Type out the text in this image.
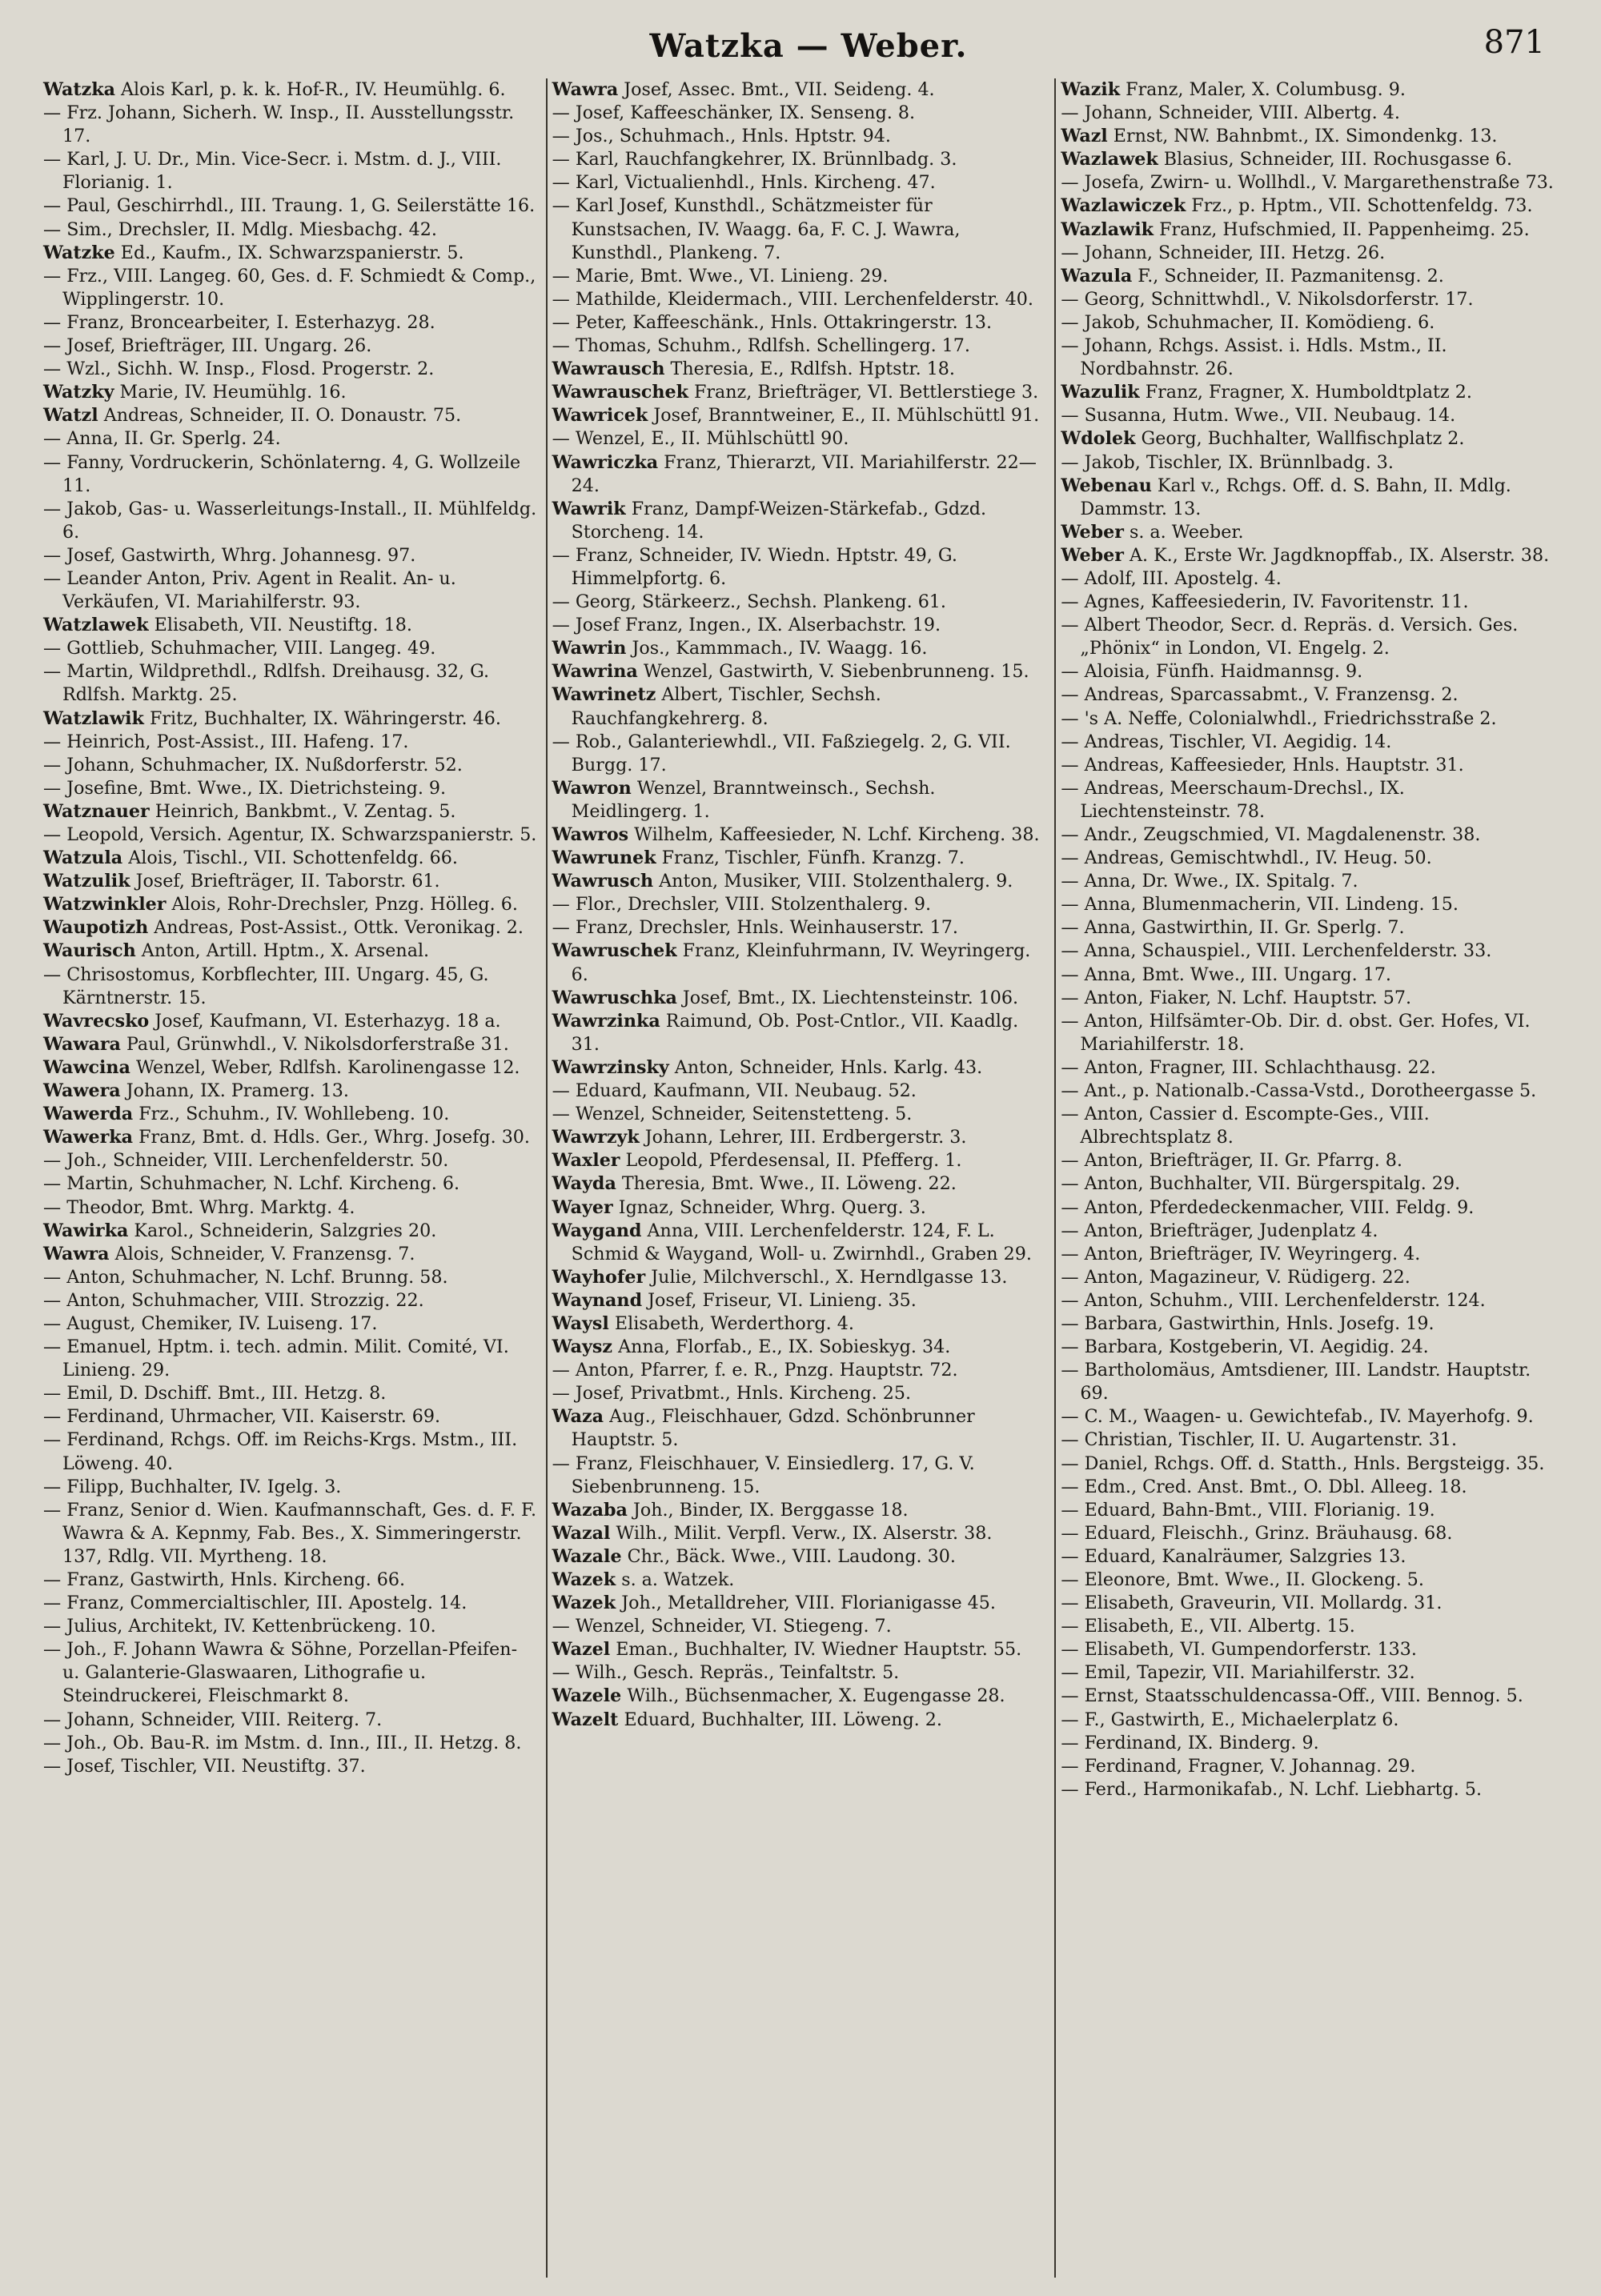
Watzka — Weber.	871

Watzka Alois Karl, p. k. k. Hof-R., IV. Heumühlg. 6.

— Frz. Johann, Sicherh. W. Insp., II. Ausstellungsstr. 17.

— Karl, J. U. Dr., Min. Vice-Secr. i. Mstm. d. J., VIII. Florianig. 1.

— Paul, Geschirrhdl., III. Traung. 1, G. Seilerstätte 16.

— Sim., Drechsler, II. Mdlg. Miesbachg. 42.

Watzke Ed., Kaufm., IX. Schwarzspanierstr. 5.

— Frz., VIII. Langeg. 60, Ges. d. F. Schmiedt & Comp., Wipplingerstr. 10.

— Franz, Broncearbeiter, I. Esterhazyg. 28.

— Josef, Briefträger, III. Ungarg. 26.

— Wzl., Sichh. W. Insp., Flosd. Progerstr. 2.

Watzky Marie, IV. Heumühlg. 16.

Watzl Andreas, Schneider, II. O. Donaustr. 75.

— Anna, II. Gr. Sperlg. 24.

— Fanny, Vordruckerin, Schönlaterng. 4, G. Wollzeile 11.

— Jakob, Gas- u. Wasserleitungs-Install., II. Mühlfeldg. 6.

— Josef, Gastwirth, Whrg. Johannesg. 97.

— Leander Anton, Priv. Agent in Realit. An- u. Verkäufen, VI. Mariahilferstr. 93.

Watzlawek Elisabeth, VII. Neustiftg. 18.

— Gottlieb, Schuhmacher, VIII. Langeg. 49.

— Martin, Wildprethdl., Rdlfsh. Dreihausg. 32, G. Rdlfsh. Marktg. 25.

Watzlawik Fritz, Buchhalter, IX. Währingerstr. 46.

— Heinrich, Post-Assist., III. Hafeng. 17.

— Johann, Schuhmacher, IX. Nußdorferstr. 52.

— Josefine, Bmt. Wwe., IX. Dietrichsteing. 9.

Watznauer Heinrich, Bankbmt., V. Zentag. 5.

— Leopold, Versich. Agentur, IX. Schwarzspanierstr. 5.

Watzula Alois, Tischl., VII. Schottenfeldg. 66.

Watzulik Josef, Briefträger, II. Taborstr. 61.

Watzwinkler Alois, Rohr-Drechsler, Pnzg. Hölleg. 6.

Waupotizh Andreas, Post-Assist., Ottk. Veronikag. 2.

Waurisch Anton, Artill. Hptm., X. Arsenal.

— Chrisostomus, Korbflechter, III. Ungarg. 45, G. Kärntnerstr. 15.

Wavrecsko Josef, Kaufmann, VI. Esterhazyg. 18 a.

Wawara Paul, Grünwhdl., V. Nikolsdorferstraße 31.

Wawcina Wenzel, Weber, Rdlfsh. Karolinengasse 12.

Wawera Johann, IX. Pramerg. 13.

Wawerda Frz., Schuhm., IV. Wohllebeng. 10.

Wawerka Franz, Bmt. d. Hdls. Ger., Whrg. Josefg. 30.

— Joh., Schneider, VIII. Lerchenfelderstr. 50.

— Martin, Schuhmacher, N. Lchf. Kircheng. 6.

— Theodor, Bmt. Whrg. Marktg. 4.

Wawirka Karol., Schneiderin, Salzgries 20.

Wawra Alois, Schneider, V. Franzensg. 7.

— Anton, Schuhmacher, N. Lchf. Brunng. 58.

— Anton, Schuhmacher, VIII. Strozzig. 22.

— August, Chemiker, IV. Luiseng. 17.

— Emanuel, Hptm. i. tech. admin. Milit. Comité, VI. Linieng. 29.

— Emil, D. Dschiff. Bmt., III. Hetzg. 8.

— Ferdinand, Uhrmacher, VII. Kaiserstr. 69.

— Ferdinand, Rchgs. Off. im Reichs-Krgs. Mstm., III. Löweng. 40.

— Filipp, Buchhalter, IV. Igelg. 3.

— Franz, Senior d. Wien. Kaufmannschaft, Ges. d. F. F. Wawra & A. Kepnmy, Fab. Bes., X. Simmeringerstr. 137, Rdlg. VII. Myrtheng. 18.

— Franz, Gastwirth, Hnls. Kircheng. 66.

— Franz, Commercialtischler, III. Apostelg. 14.

— Julius, Architekt, IV. Kettenbrückeng. 10.

— Joh., F. Johann Wawra & Söhne, Porzellan-Pfeifen- u. Galanterie-Glaswaaren, Lithografie u. Steindruckerei, Fleischmarkt 8.

— Johann, Schneider, VIII. Reiterg. 7.

— Joh., Ob. Bau-R. im Mstm. d. Inn., III., II. Hetzg. 8.

— Josef, Tischler, VII. Neustiftg. 37.

Wawra Josef, Assec. Bmt., VII. Seideng. 4.

— Josef, Kaffeeschänker, IX. Senseng. 8.

— Jos., Schuhmach., Hnls. Hptstr. 94.

— Karl, Rauchfangkehrer, IX. Brünnlbadg. 3.

— Karl, Victualienhdl., Hnls. Kircheng. 47.

— Karl Josef, Kunsthdl., Schätzmeister für Kunstsachen, IV. Waagg. 6a, F. C. J. Wawra, Kunsthdl., Plankeng. 7.

— Marie, Bmt. Wwe., VI. Linieng. 29.

— Mathilde, Kleidermach., VIII. Lerchenfelderstr. 40.

— Peter, Kaffeeschänk., Hnls. Ottakringerstr. 13.

— Thomas, Schuhm., Rdlfsh. Schellingerg. 17.

Wawrausch Theresia, E., Rdlfsh. Hptstr. 18.

Wawrauschek Franz, Briefträger, VI. Bettlerstiege 3.

Wawricek Josef, Branntweiner, E., II. Mühlschüttl 91.

— Wenzel, E., II. Mühlschüttl 90.

Wawriczka Franz, Thierarzt, VII. Mariahilferstr. 22—24.

Wawrik Franz, Dampf-Weizen-Stärkefab., Gdzd. Storcheng. 14.

— Franz, Schneider, IV. Wiedn. Hptstr. 49, G. Himmelpfortg. 6.

— Georg, Stärkeerz., Sechsh. Plankeng. 61.

— Josef Franz, Ingen., IX. Alserbachstr. 19.

Wawrin Jos., Kammmach., IV. Waagg. 16.

Wawrina Wenzel, Gastwirth, V. Siebenbrunneng. 15.

Wawrinetz Albert, Tischler, Sechsh. Rauchfangkehrerg. 8.

— Rob., Galanteriewhdl., VII. Faßziegelg. 2, G. VII. Burgg. 17.

Wawron Wenzel, Branntweinsch., Sechsh. Meidlingerg. 1.

Wawros Wilhelm, Kaffeesieder, N. Lchf. Kircheng. 38.

Wawrunek Franz, Tischler, Fünfh. Kranzg. 7.

Wawrusch Anton, Musiker, VIII. Stolzenthalerg. 9.

— Flor., Drechsler, VIII. Stolzenthalerg. 9.

— Franz, Drechsler, Hnls. Weinhauserstr. 17.

Wawruschek Franz, Kleinfuhrmann, IV. Weyringerg. 6.

Wawruschka Josef, Bmt., IX. Liechtensteinstr. 106.

Wawrzinka Raimund, Ob. Post-Cntlor., VII. Kaadlg. 31.

Wawrzinsky Anton, Schneider, Hnls. Karlg. 43.

— Eduard, Kaufmann, VII. Neubaug. 52.

— Wenzel, Schneider, Seitenstetteng. 5.

Wawrzyk Johann, Lehrer, III. Erdbergerstr. 3.

Waxler Leopold, Pferdesensal, II. Pfefferg. 1.

Wayda Theresia, Bmt. Wwe., II. Löweng. 22.

Wayer Ignaz, Schneider, Whrg. Querg. 3.

Waygand Anna, VIII. Lerchenfelderstr. 124, F. L. Schmid & Waygand, Woll- u. Zwirnhdl., Graben 29.

Wayhofer Julie, Milchverschl., X. Herndlgasse 13.

Waynand Josef, Friseur, VI. Linieng. 35.

Waysl Elisabeth, Werderthorg. 4.

Waysz Anna, Florfab., E., IX. Sobieskyg. 34.

— Anton, Pfarrer, f. e. R., Pnzg. Hauptstr. 72.

— Josef, Privatbmt., Hnls. Kircheng. 25.

Waza Aug., Fleischhauer, Gdzd. Schönbrunner Hauptstr. 5.

— Franz, Fleischhauer, V. Einsiedlerg. 17, G. V. Siebenbrunneng. 15.

Wazaba Joh., Binder, IX. Berggasse 18.

Wazal Wilh., Milit. Verpfl. Verw., IX. Alserstr. 38.

Wazale Chr., Bäck. Wwe., VIII. Laudong. 30.

Wazek s. a. Watzek.

Wazek Joh., Metalldreher, VIII. Florianigasse 45.

— Wenzel, Schneider, VI. Stiegeng. 7.

Wazel Eman., Buchhalter, IV. Wiedner Hauptstr. 55.

— Wilh., Gesch. Repräs., Teinfaltstr. 5.

Wazele Wilh., Büchsenmacher, X. Eugengasse 28.

Wazelt Eduard, Buchhalter, III. Löweng. 2.

Wazik Franz, Maler, X. Columbusg. 9.

— Johann, Schneider, VIII. Albertg. 4.

Wazl Ernst, NW. Bahnbmt., IX. Simondenkg. 13.

Wazlawek Blasius, Schneider, III. Rochusgasse 6.

— Josefa, Zwirn- u. Wollhdl., V. Margarethenstraße 73.

Wazlawiczek Frz., p. Hptm., VII. Schottenfeldg. 73.

Wazlawik Franz, Hufschmied, II. Pappenheimg. 25.

— Johann, Schneider, III. Hetzg. 26.

Wazula F., Schneider, II. Pazmanitensg. 2.

— Georg, Schnittwhdl., V. Nikolsdorferstr. 17.

— Jakob, Schuhmacher, II. Komödieng. 6.

— Johann, Rchgs. Assist. i. Hdls. Mstm., II. Nordbahnstr. 26.

Wazulik Franz, Fragner, X. Humboldtplatz 2.

— Susanna, Hutm. Wwe., VII. Neubaug. 14.

Wdolek Georg, Buchhalter, Wallfischplatz 2.

— Jakob, Tischler, IX. Brünnlbadg. 3.

Webenau Karl v., Rchgs. Off. d. S. Bahn, II. Mdlg. Dammstr. 13.

Weber s. a. Weeber.

Weber A. K., Erste Wr. Jagdknopffab., IX. Alserstr. 38.

— Adolf, III. Apostelg. 4.

— Agnes, Kaffeesiederin, IV. Favoritenstr. 11.

— Albert Theodor, Secr. d. Repräs. d. Versich. Ges. „Phönix“ in London, VI. Engelg. 2.

— Aloisia, Fünfh. Haidmannsg. 9.

— Andreas, Sparcassabmt., V. Franzensg. 2.

— 's A. Neffe, Colonialwhdl., Friedrichsstraße 2.

— Andreas, Tischler, VI. Aegidig. 14.

— Andreas, Kaffeesieder, Hnls. Hauptstr. 31.

— Andreas, Meerschaum-Drechsl., IX. Liechtensteinstr. 78.

— Andr., Zeugschmied, VI. Magdalenenstr. 38.

— Andreas, Gemischtwhdl., IV. Heug. 50.

— Anna, Dr. Wwe., IX. Spitalg. 7.

— Anna, Blumenmacherin, VII. Lindeng. 15.

— Anna, Gastwirthin, II. Gr. Sperlg. 7.

— Anna, Schauspiel., VIII. Lerchenfelderstr. 33.

— Anna, Bmt. Wwe., III. Ungarg. 17.

— Anton, Fiaker, N. Lchf. Hauptstr. 57.

— Anton, Hilfsämter-Ob. Dir. d. obst. Ger. Hofes, VI. Mariahilferstr. 18.

— Anton, Fragner, III. Schlachthausg. 22.

— Ant., p. Nationalb.-Cassa-Vstd., Dorotheergasse 5.

— Anton, Cassier d. Escompte-Ges., VIII. Albrechtsplatz 8.

— Anton, Briefträger, II. Gr. Pfarrg. 8.

— Anton, Buchhalter, VII. Bürgerspitalg. 29.

— Anton, Pferdedeckenmacher, VIII. Feldg. 9.

— Anton, Briefträger, Judenplatz 4.

— Anton, Briefträger, IV. Weyringerg. 4.

— Anton, Magazineur, V. Rüdigerg. 22.

— Anton, Schuhm., VIII. Lerchenfelderstr. 124.

— Barbara, Gastwirthin, Hnls. Josefg. 19.

— Barbara, Kostgeberin, VI. Aegidig. 24.

— Bartholomäus, Amtsdiener, III. Landstr. Hauptstr. 69.

— C. M., Waagen- u. Gewichtefab., IV. Mayerhofg. 9.

— Christian, Tischler, II. U. Augartenstr. 31.

— Daniel, Rchgs. Off. d. Statth., Hnls. Bergsteigg. 35.

— Edm., Cred. Anst. Bmt., O. Dbl. Alleeg. 18.

— Eduard, Bahn-Bmt., VIII. Florianig. 19.

— Eduard, Fleischh., Grinz. Bräuhausg. 68.

— Eduard, Kanalräumer, Salzgries 13.

— Eleonore, Bmt. Wwe., II. Glockeng. 5.

— Elisabeth, Graveurin, VII. Mollardg. 31.

— Elisabeth, E., VII. Albertg. 15.

— Elisabeth, VI. Gumpendorferstr. 133.

— Emil, Tapezir, VII. Mariahilferstr. 32.

— Ernst, Staatsschuldencassa-Off., VIII. Bennog. 5.

— F., Gastwirth, E., Michaelerplatz 6.

— Ferdinand, IX. Binderg. 9.

— Ferdinand, Fragner, V. Johannag. 29.

— Ferd., Harmonikafab., N. Lchf. Liebhartg. 5.
